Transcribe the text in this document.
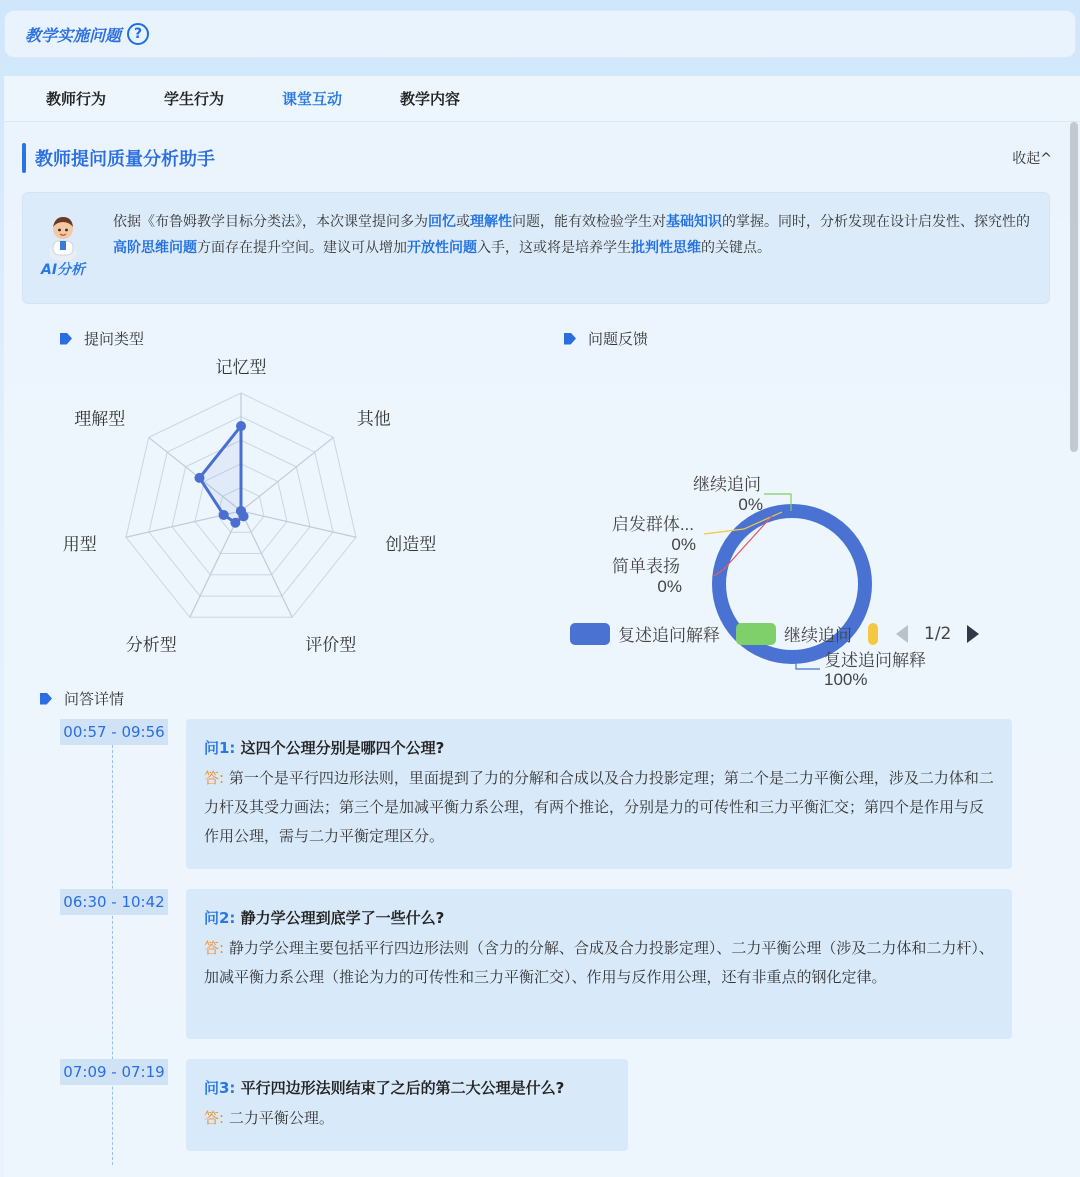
教学实施问题 ?
教师行为	学生行为	课堂互动	教学内容
教师提问质量分析助手	收起^
AI分析
依据《布鲁姆教学目标分类法》，本次课堂提问多为回忆或理解性问题，能有效检验学生对基础知识的掌握。同时，分析发现在设计启发性、探究性的高阶思维问题方面存在提升空间。建议可从增加开放性问题入手，这或将是培养学生批判性思维的关键点。
提问类型	问题反馈
记忆型
其他
创造型
评价型
分析型
用型
理解型
继续追问
0%
启发群体...
0%
简单表扬
0%
复述追问解释
100%
复述追问解释	继续追问	1/2
问答详情
00:57 - 09:56
问1: 这四个公理分别是哪四个公理?
答: 第一个是平行四边形法则，里面提到了力的分解和合成以及合力投影定理；第二个是二力平衡公理，涉及二力体和二力杆及其受力画法；第三个是加减平衡力系公理，有两个推论，分别是力的可传性和三力平衡汇交；第四个是作用与反作用公理，需与二力平衡定理区分。
06:30 - 10:42
问2: 静力学公理到底学了一些什么?
答: 静力学公理主要包括平行四边形法则（含力的分解、合成及合力投影定理）、二力平衡公理（涉及二力体和二力杆）、加减平衡力系公理（推论为力的可传性和三力平衡汇交）、作用与反作用公理，还有非重点的钢化定律。
07:09 - 07:19
问3: 平行四边形法则结束了之后的第二大公理是什么?
答: 二力平衡公理。
